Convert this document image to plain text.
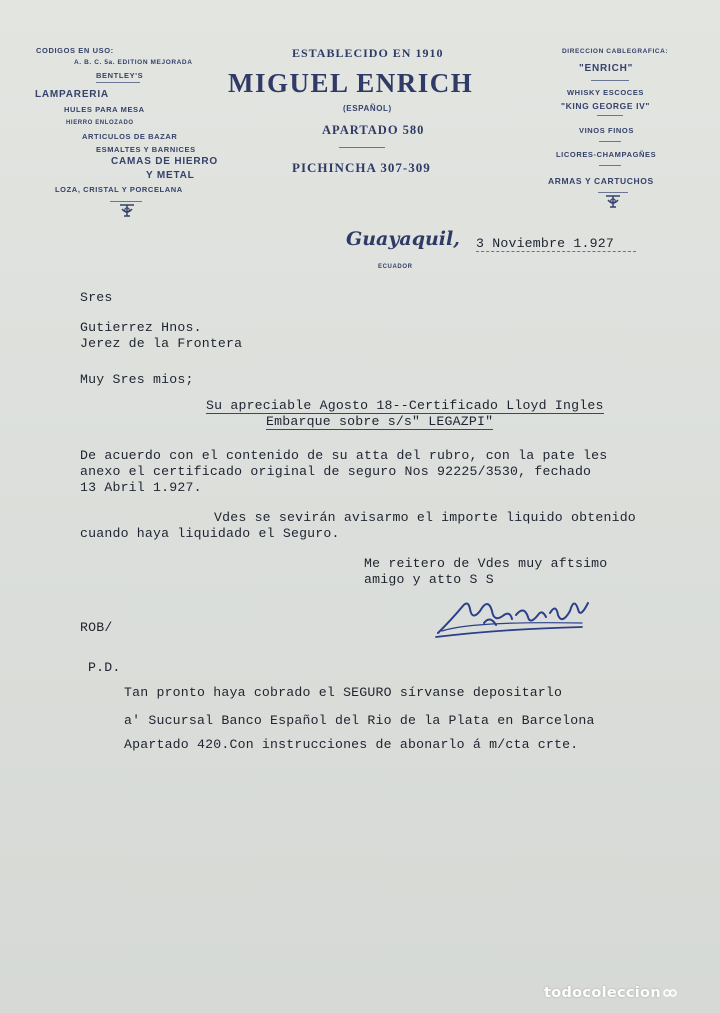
CODIGOS EN USO:
A. B. C. 5a. EDITION MEJORADA
BENTLEY'S
LAMPARERIA
HULES PARA MESA
HIERRO ENLOZADO
ARTICULOS DE BAZAR
ESMALTES Y BARNICES
CAMAS DE HIERRO
Y METAL
LOZA, CRISTAL Y PORCELANA
ESTABLECIDO EN 1910
MIGUEL ENRICH
(ESPAÑOL)
APARTADO 580
PICHINCHA 307-309
DIRECCION CABLEGRAFICA:
"ENRICH"
WHISKY ESCOCES
"KING GEORGE IV"
VINOS FINOS
LICORES-CHAMPAGÑES
ARMAS Y CARTUCHOS
Guayaquil, 3 Noviembre 1.927
ECUADOR
Sres
Gutierrez Hnos.
Jerez de la Frontera
Muy Sres mios;
Su apreciable Agosto 18--Certificado Lloyd Ingles
Embarque sobre s/s" LEGAZPI"
De acuerdo con el contenido de su atta del rubro, con la pate les
anexo el certificado original de seguro Nos 92225/3530, fechado
13 Abril 1.927.
Vdes se sevirán avisarmo el importe liquido obtenido
cuando haya liquidado el Seguro.
Me reitero de Vdes muy aftsimo
amigo y atto S S
ROB/
P.D.
Tan pronto haya cobrado el SEGURO sírvanse depositarlo
a' Sucursal Banco Español del Rio de la Plata en Barcelona
Apartado 420.Con instrucciones de abonarlo á m/cta crte.
todocoleccion
